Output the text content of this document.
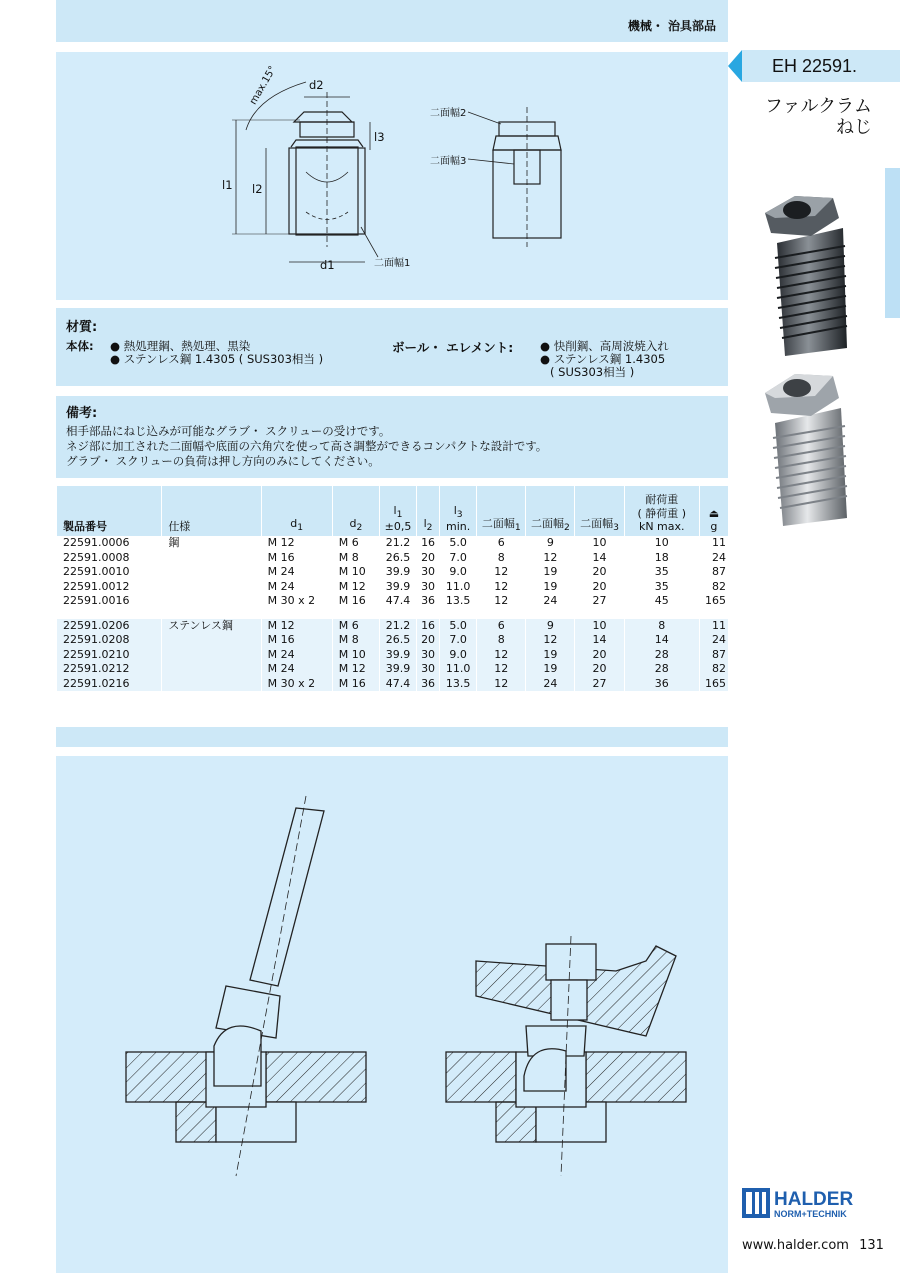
機械・ 治具部品
EH 22591.
ファルクラム
ねじ
d2
max.15°
l1 l2
l3
d1	二面幅1
二面幅2
二面幅3
材質:
本体: ● 熱処理鋼、熱処理、黒染
● ステンレス鋼 1.4305 ( SUS303相当 )
ボール・ エレメント: ● 快削鋼、高周波焼入れ
● ステンレス鋼 1.4305
( SUS303相当 )
備考:
相手部品にねじ込みが可能なグラブ・ スクリューの受けです。
ネジ部に加工された二面幅や底面の六角穴を使って高さ調整ができるコンパクトな設計です。
グラブ・ スクリューの負荷は押し方向のみにしてください。
製品番号	仕様	$d_1$	$d_2$	$l_1$
±0,5	$l_2$	$l_3$
min.	二面幅$_1$	二面幅$_2$	二面幅$_3$	耐荷重
( 静荷重 )
kN max.	⏏
g
22591.0006	鋼	M 12	M 6	21.2	16	5.0	6	9	10	10	11
22591.0008		M 16	M 8	26.5	20	7.0	8	12	14	18	24
22591.0010		M 24	M 10	39.9	30	9.0	12	19	20	35	87
22591.0012		M 24	M 12	39.9	30	11.0	12	19	20	35	82
22591.0016		M 30 x 2	M 16	47.4	36	13.5	12	24	27	45	165

22591.0206	ステンレス鋼	M 12	M 6	21.2	16	5.0	6	9	10	8	11
22591.0208		M 16	M 8	26.5	20	7.0	8	12	14	14	24
22591.0210		M 24	M 10	39.9	30	9.0	12	19	20	28	87
22591.0212		M 24	M 12	39.9	30	11.0	12	19	20	28	82
22591.0216		M 30 x 2	M 16	47.4	36	13.5	12	24	27	36	165
HALDER
NORM+TECHNIK
www.halder.com 131
